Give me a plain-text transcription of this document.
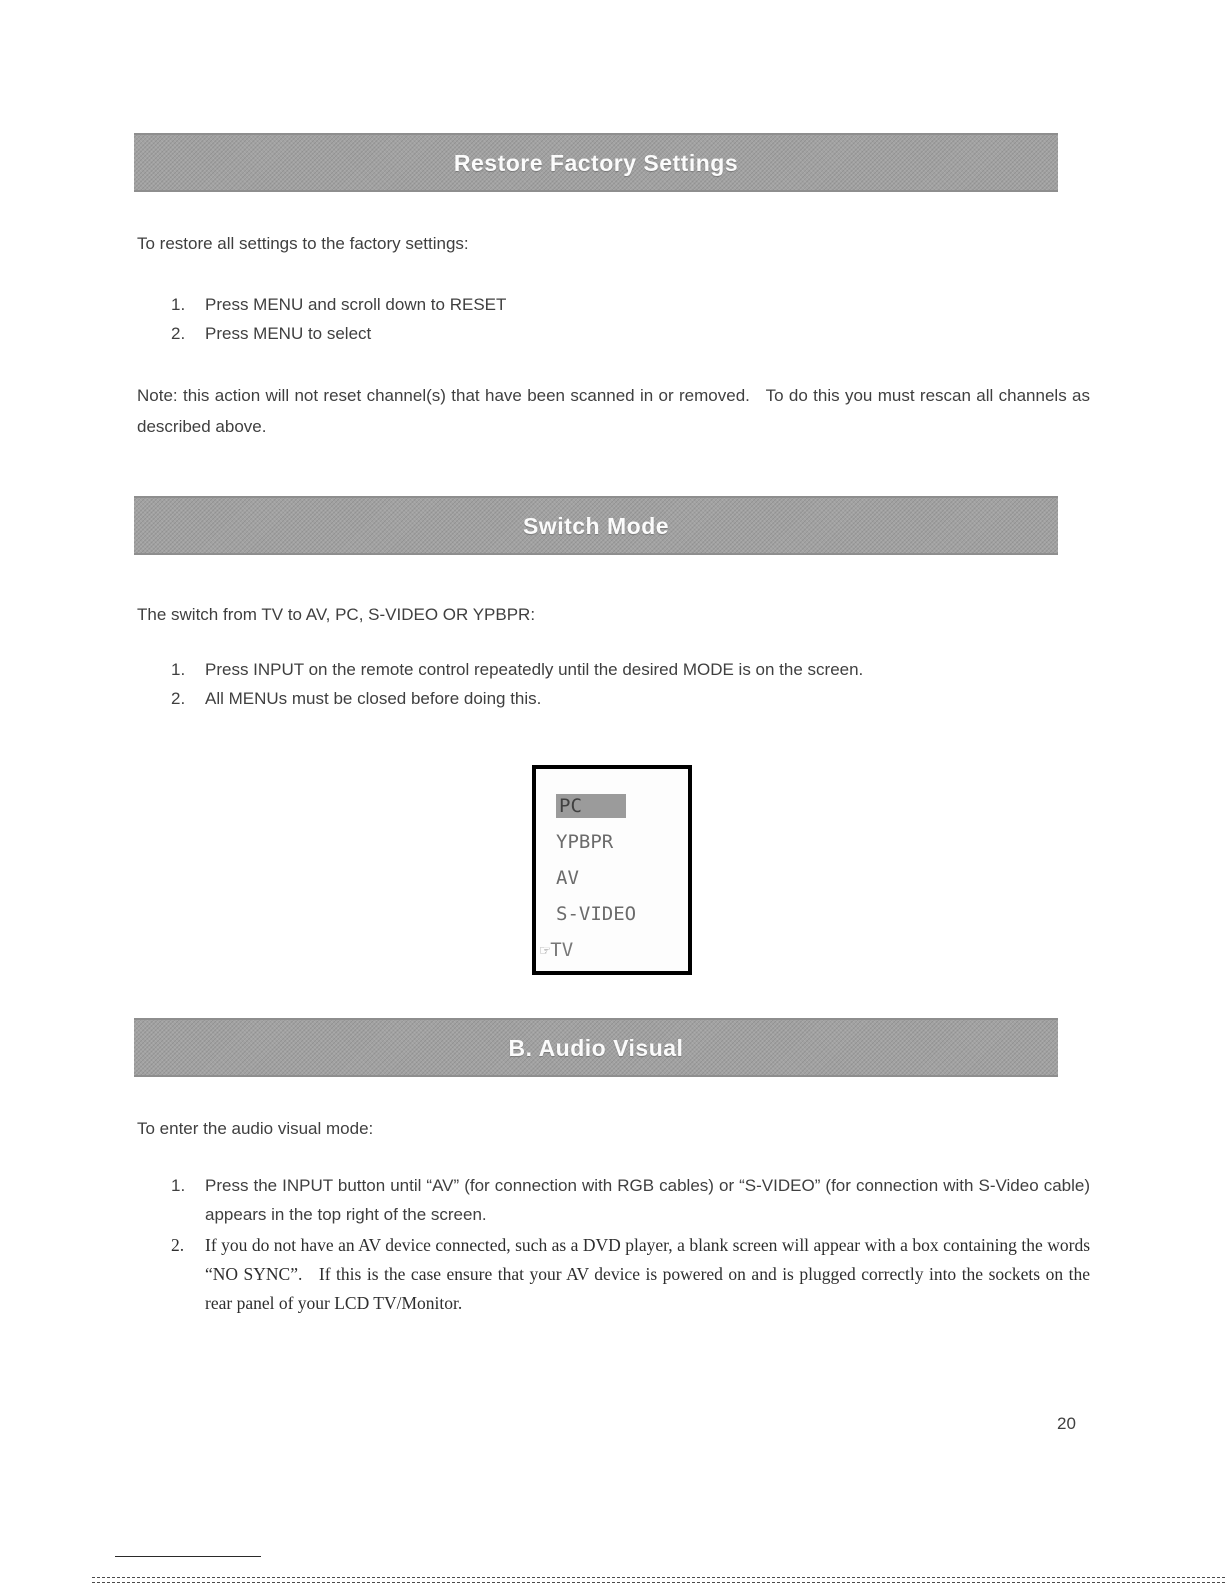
Restore Factory Settings

To restore all settings to the factory settings:

1.	Press MENU and scroll down to RESET
2.	Press MENU to select

Note: this action will not reset channel(s) that have been scanned in or removed.   To do this you must rescan all channels as described above.

Switch Mode

The switch from TV to AV, PC, S-VIDEO OR YPBPR:

1.	Press INPUT on the remote control repeatedly until the desired MODE is on the screen.
2.	All MENUs must be closed before doing this.
PC
YPBPR
AV
S-VIDEO
☞TV
B. Audio Visual

To enter the audio visual mode:

1.	Press the INPUT button until “AV” (for connection with RGB cables) or “S-VIDEO” (for connection with S-Video cable) appears in the top right of the screen.
2.	If you do not have an AV device connected, such as a DVD player, a blank screen will appear with a box containing the words “NO SYNC”.   If this is the case ensure that your AV device is powered on and is plugged correctly into the sockets on the rear panel of your LCD TV/Monitor.
20
